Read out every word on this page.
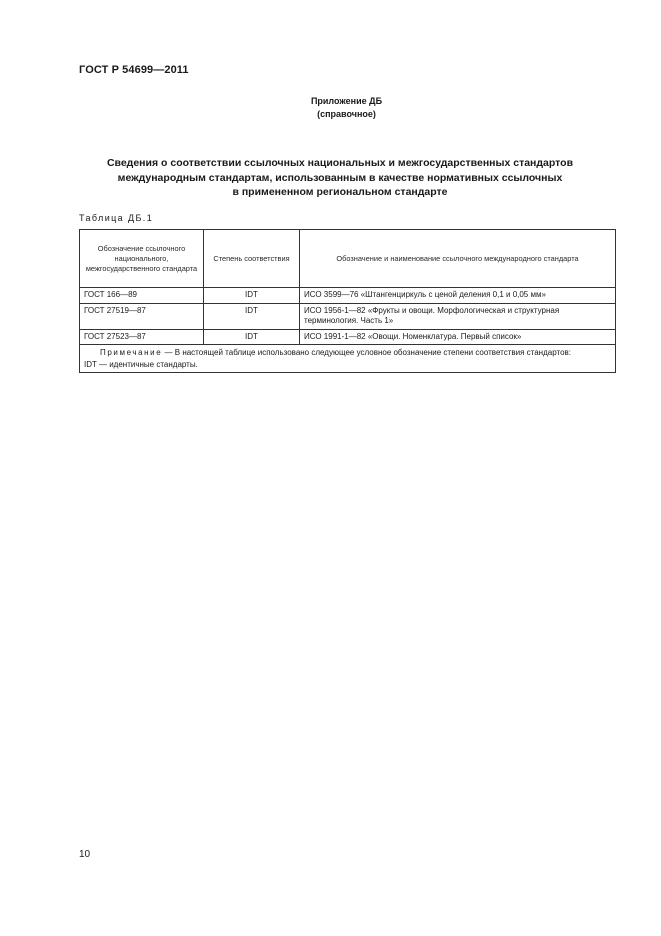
ГОСТ Р 54699—2011
Приложение ДБ
(справочное)
Сведения о соответствии ссылочных национальных и межгосударственных стандартов
международным стандартам, использованным в качестве нормативных ссылочных
в примененном региональном стандарте
Таблица ДБ.1
Обозначение ссылочного национального, межгосударственного стандарта	Степень соответствия	Обозначение и наименование ссылочного международного стандарта
ГОСТ 166—89	IDT	ИСО 3599—76 «Штангенциркуль с ценой деления 0,1 и 0,05 мм»
ГОСТ 27519—87	IDT	ИСО 1956-1—82 «Фрукты и овощи. Морфологическая и структурная терминология. Часть 1»
ГОСТ 27523—87	IDT	ИСО 1991-1—82 «Овощи. Номенклатура. Первый список»
Примечание — В настоящей таблице использовано следующее условное обозначение степени соответствия стандартов:
IDT — идентичные стандарты.		
10
